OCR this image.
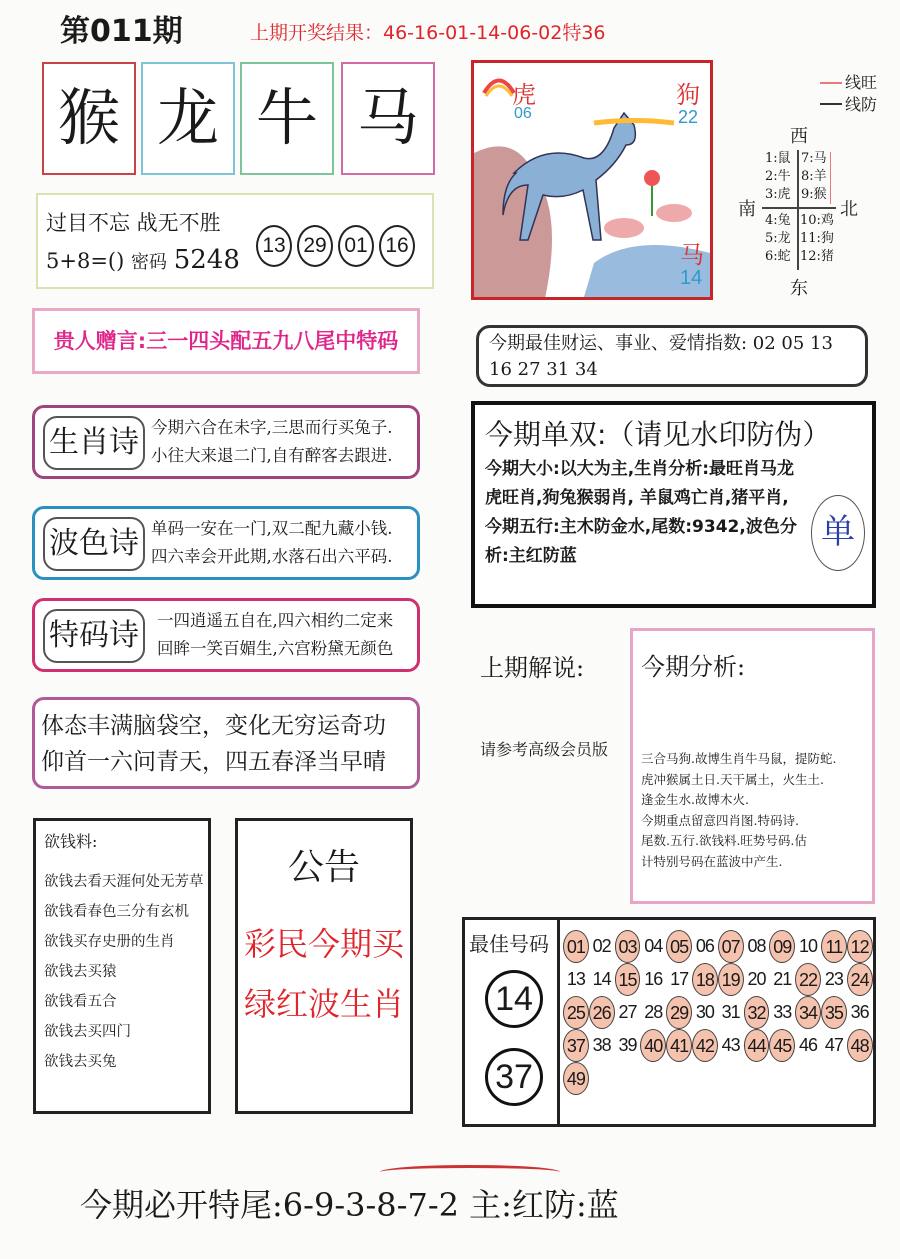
第011期	上期开奖结果：46-16-01-14-06-02特36
猴 龙 牛 马
过目不忘 战无不胜
5+8=() 密码 5248	13 29 01 16
贵人赠言:三一四头配五九八尾中特码
生肖诗 今期六合在未字,三思而行买兔子.
小往大来退二门,自有醉客去跟进.
波色诗 单码一安在一门,双二配九藏小钱.
四六幸会开此期,水落石出六平码.
特码诗	一四逍遥五自在,四六相约二定来
回眸一笑百媚生,六宫粉黛无颜色
体态丰满脑袋空，变化无穷运奇功
仰首一六问青天，四五春泽当早晴
欲钱料:
欲钱去看天涯何处无芳草
欲钱看春色三分有玄机
欲钱买存史册的生肖
欲钱去买猿
欲钱看五合
欲钱去买四门
欲钱去买兔
公告
彩民今期买
绿红波生肖
虎
06
狗
22
马
14
线旺
线防
西
东
南	北
1:鼠
2:牛
3:虎
7:马
8:羊
9:猴
4:兔
5:龙
6:蛇
10:鸡
11:狗
12:猪
今期最佳财运、事业、爱情指数: 02 05 13 16 27 31 34
今期单双:（请见水印防伪）
今期大小:以大为主,生肖分析:最旺肖马龙虎旺肖,狗兔猴弱肖, 羊鼠鸡亡肖,猪平肖,今期五行:主木防金水,尾数:9342,波色分析:主红防蓝
单
上期解说:
请参考高级会员版
今期分析:
三合马狗.故博生肖牛马鼠，提防蛇.
虎冲猴属土日.天干属土，火生土.
逢金生水.故博木火.
今期重点留意四肖图.特码诗.
尾数.五行.欲钱料.旺势号码.估
计特别号码在蓝波中产生.
最佳号码
14
37
01 02 03 04 05 06 07 08 09 10 11 12
13 14 15 16 17 18 19 20 21 22 23 24
25 26 27 28 29 30 31 32 33 34 35 36
37 38 39 40 41 42 43 44 45 46 47 48
49
今期必开特尾:6-9-3-8-7-2 主:红防:蓝
